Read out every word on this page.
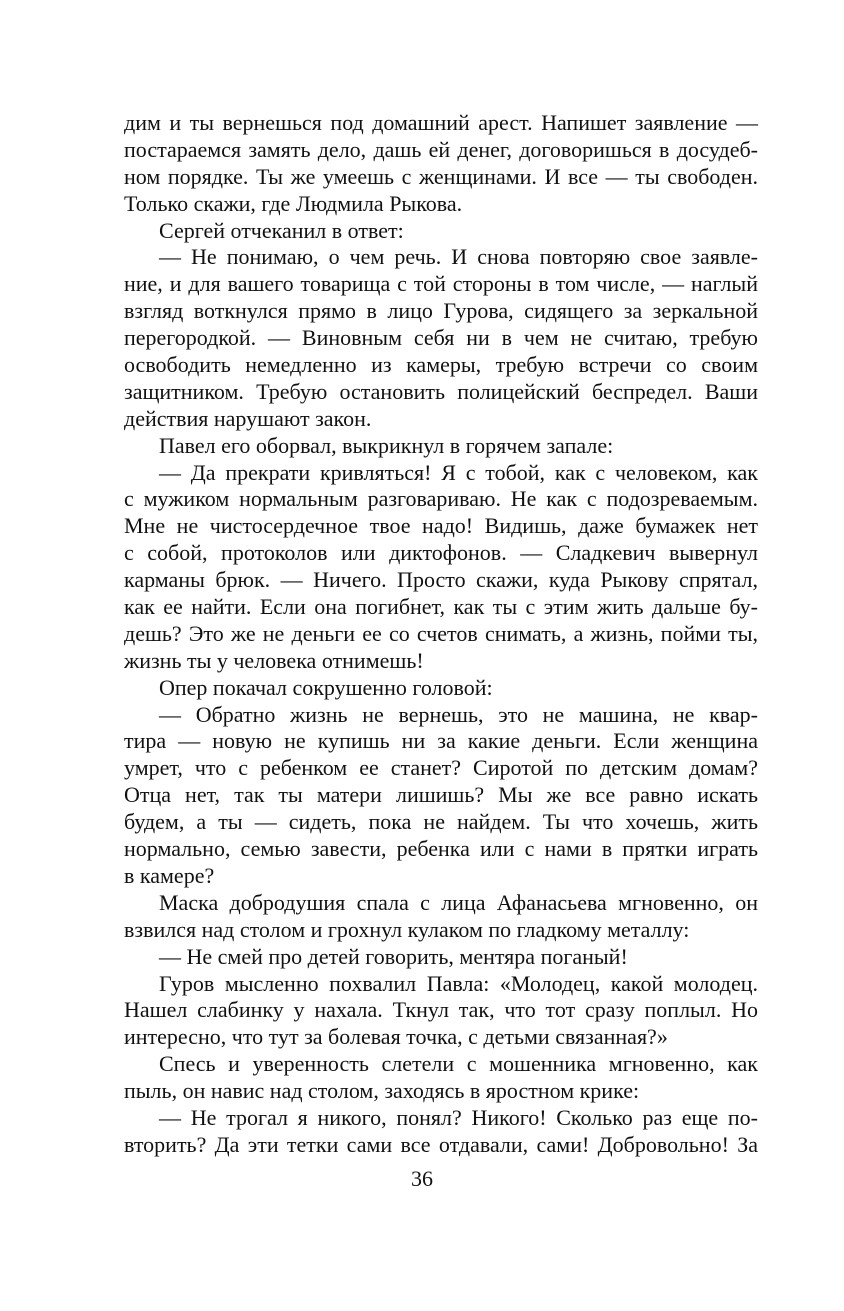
дим и ты вернешься под домашний арест. Напишет заявление —
постараемся замять дело, дашь ей денег, договоришься в досудеб-
ном порядке. Ты же умеешь с женщинами. И все — ты свободен.
Только скажи, где Людмила Рыкова.
Сергей отчеканил в ответ:
— Не понимаю, о чем речь. И снова повторяю свое заявле-
ние, и для вашего товарища с той стороны в том числе, — наглый
взгляд воткнулся прямо в лицо Гурова, сидящего за зеркальной
перегородкой. — Виновным себя ни в чем не считаю, требую
освободить немедленно из камеры, требую встречи со своим
защитником. Требую остановить полицейский беспредел. Ваши
действия нарушают закон.
Павел его оборвал, выкрикнул в горячем запале:
— Да прекрати кривляться! Я с тобой, как с человеком, как
с мужиком нормальным разговариваю. Не как с подозреваемым.
Мне не чистосердечное твое надо! Видишь, даже бумажек нет
с собой, протоколов или диктофонов. — Сладкевич вывернул
карманы брюк. — Ничего. Просто скажи, куда Рыкову спрятал,
как ее найти. Если она погибнет, как ты с этим жить дальше бу-
дешь? Это же не деньги ее со счетов снимать, а жизнь, пойми ты,
жизнь ты у человека отнимешь!
Опер покачал сокрушенно головой:
— Обратно жизнь не вернешь, это не машина, не квар-
тира — новую не купишь ни за какие деньги. Если женщина
умрет, что с ребенком ее станет? Сиротой по детским домам?
Отца нет, так ты матери лишишь? Мы же все равно искать
будем, а ты — сидеть, пока не найдем. Ты что хочешь, жить
нормально, семью завести, ребенка или с нами в прятки играть
в камере?
Маска добродушия спала с лица Афанасьева мгновенно, он
взвился над столом и грохнул кулаком по гладкому металлу:
— Не смей про детей говорить, ментяра поганый!
Гуров мысленно похвалил Павла: «Молодец, какой молодец.
Нашел слабинку у нахала. Ткнул так, что тот сразу поплыл. Но
интересно, что тут за болевая точка, с детьми связанная?»
Спесь и уверенность слетели с мошенника мгновенно, как
пыль, он навис над столом, заходясь в яростном крике:
— Не трогал я никого, понял? Никого! Сколько раз еще по-
вторить? Да эти тетки сами все отдавали, сами! Добровольно! За
36
